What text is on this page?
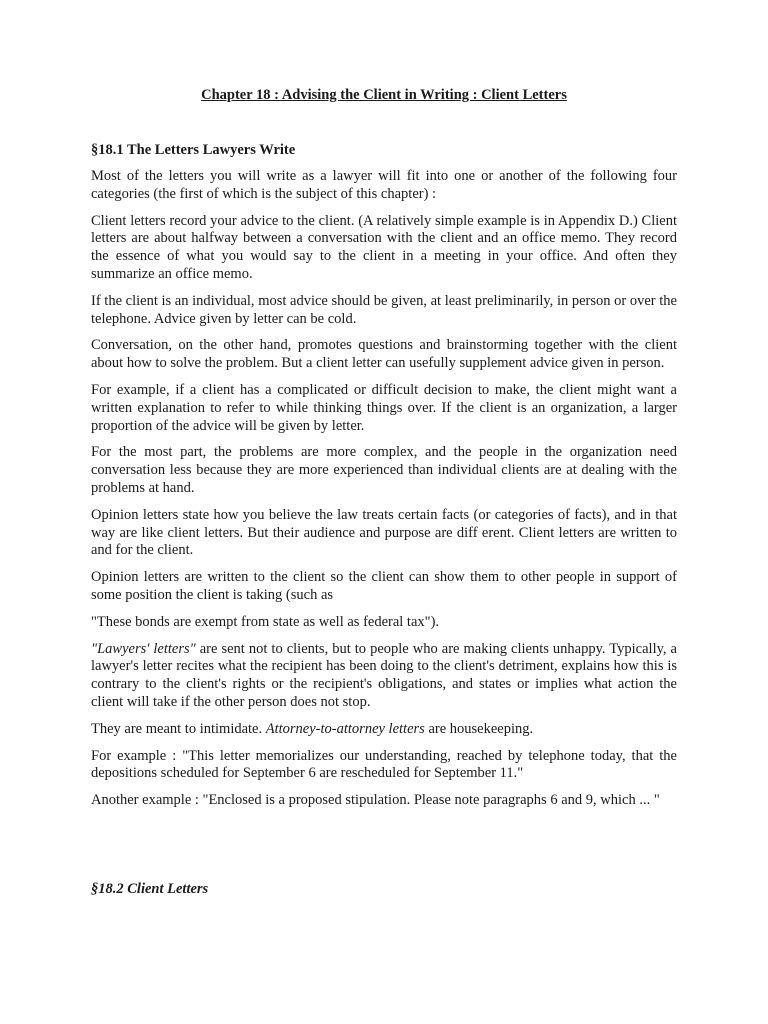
Chapter 18 : Advising the Client in Writing : Client Letters
§18.1 The Letters Lawyers Write

Most of the letters you will write as a lawyer will fit into one or another of the following four categories (the first of which is the subject of this chapter) :

Client letters record your advice to the client. (A relatively simple example is in Appendix D.) Client letters are about halfway between a conversation with the client and an office memo. They record the essence of what you would say to the client in a meeting in your office. And often they summarize an office memo.

If the client is an individual, most advice should be given, at least preliminarily, in person or over the telephone. Advice given by letter can be cold.

Conversation, on the other hand, promotes questions and brainstorming together with the client about how to solve the problem. But a client letter can usefully supplement advice given in person.

For example, if a client has a complicated or difficult decision to make, the client might want a written explanation to refer to while thinking things over. If the client is an organization, a larger proportion of the advice will be given by letter.

For the most part, the problems are more complex, and the people in the organization need conversation less because they are more experienced than individual clients are at dealing with the problems at hand.

Opinion letters state how you believe the law treats certain facts (or categories of facts), and in that way are like client letters. But their audience and purpose are diff erent. Client letters are written to and for the client.

Opinion letters are written to the client so the client can show them to other people in support of some position the client is taking (such as

"These bonds are exempt from state as well as federal tax").

"Lawyers' letters" are sent not to clients, but to people who are making clients unhappy. Typically, a lawyer's letter recites what the recipient has been doing to the client's detriment, explains how this is contrary to the client's rights or the recipient's obligations, and states or implies what action the client will take if the other person does not stop.

They are meant to intimidate. Attorney-to-attorney letters are housekeeping.

For example : "This letter memorializes our understanding, reached by telephone today, that the depositions scheduled for September 6 are rescheduled for September 11."

Another example : "Enclosed is a proposed stipulation. Please note paragraphs 6 and 9, which ... "

§18.2 Client Letters
